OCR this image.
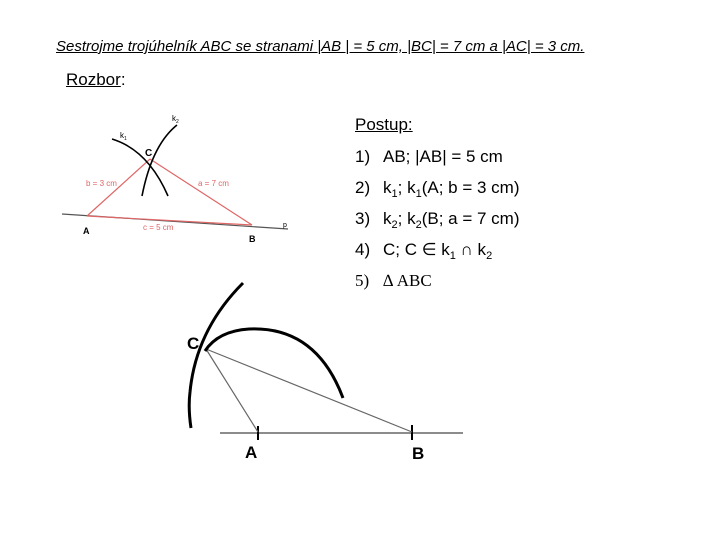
Sestrojme trojúhelník ABC se stranami |AB | = 5 cm, |BC| = 7 cm a |AC| = 3 cm.
Rozbor:
Postup:
1) AB; |AB| = 5 cm
2) $k_1$; $k_1(A$; b = 3 cm)
3) $k_2$; $k_2(B$; a = 7 cm)
4) C; C ∈ $k_1$ ∩ $k_2$
5) ∆ ABC
$k_1$
$k_2$
C
A
B
p
b = 3 cm	a = 7 cm
c = 5 cm
C
A	B
